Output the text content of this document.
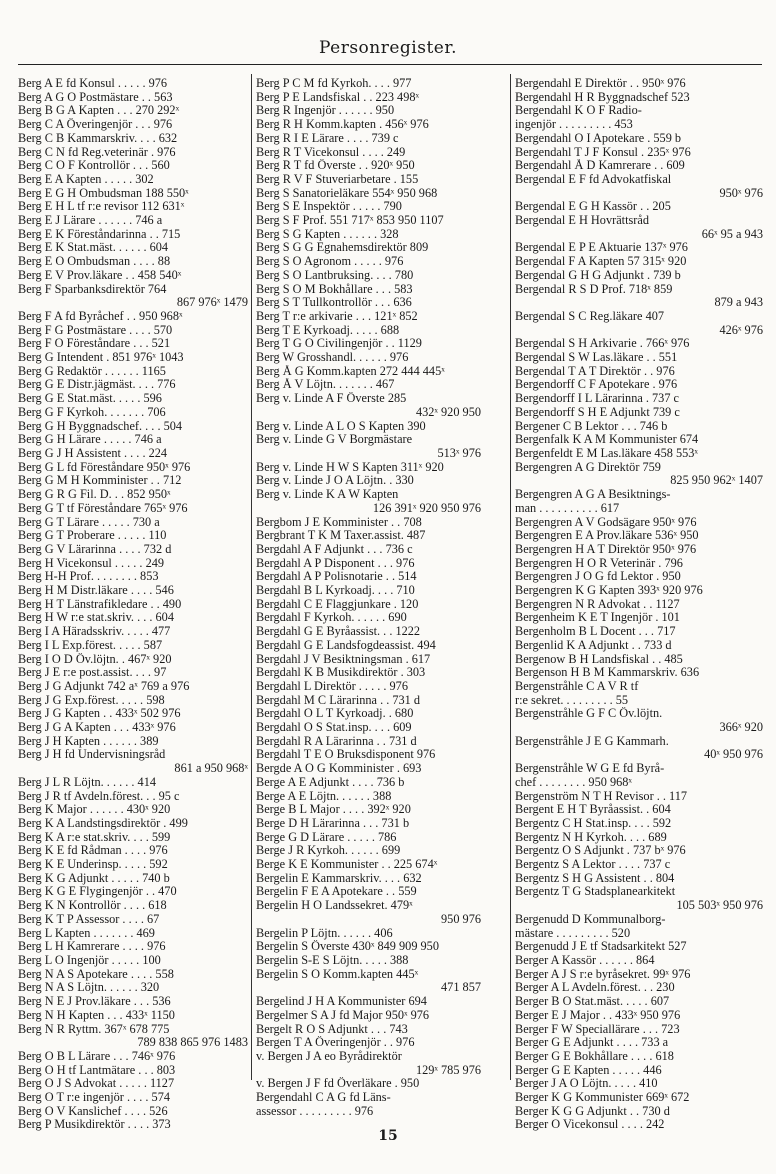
Personregister.
Berg A E fd Konsul . . . . . 976
Berg A G O Postmästare . . 563
Berg B G A Kapten . . . 270 292ˣ
Berg C A Överingenjör . . . 976
Berg C B Kammarskriv. . . . 632
Berg C N fd Reg.veterinär . 976
Berg C O F Kontrollör . . . 560
Berg E A Kapten . . . . . 302
Berg E G H Ombudsman 188 550ˣ
Berg E H L tf r:e revisor 112 631ˣ
Berg E J Lärare . . . . . . 746 a
Berg E K Föreståndarinna . . 715
Berg E K Stat.mäst. . . . . . 604
Berg E O Ombudsman . . . . 88
Berg E V Prov.läkare . . 458 540ˣ
Berg F Sparbanksdirektör 764
867 976ˣ 1479
Berg F A fd Byråchef . . 950 968ˣ
Berg F G Postmästare . . . . 570
Berg F O Föreståndare . . . 521
Berg G Intendent . 851 976ˣ 1043
Berg G Redaktör . . . . . . 1165
Berg G E Distr.jägmäst. . . . 776
Berg G E Stat.mäst. . . . . 596
Berg G F Kyrkoh. . . . . . . 706
Berg G H Byggnadschef. . . . 504
Berg G H Lärare . . . . . 746 a
Berg G J H Assistent . . . . 224
Berg G L fd Föreståndare 950ˣ 976
Berg G M H Komminister . . 712
Berg G R G Fil. D. . . 852 950ˣ
Berg G T tf Föreståndare 765ˣ 976
Berg G T Lärare . . . . . 730 a
Berg G T Proberare . . . . . 110
Berg G V Lärarinna . . . . 732 d
Berg H Vicekonsul . . . . . 249
Berg H-H Prof. . . . . . . . 853
Berg H M Distr.läkare . . . . 546
Berg H T Länstrafikledare . . 490
Berg H W r:e stat.skriv. . . . 604
Berg I A Häradsskriv. . . . . 477
Berg I L Exp.förest. . . . . 587
Berg I O D Öv.löjtn. . 467ˣ 920
Berg J E r:e post.assist. . . . 97
Berg J G Adjunkt 742 aˣ 769 a 976
Berg J G Exp.förest. . . . . 598
Berg J G Kapten . . 433ˣ 502 976
Berg J G A Kapten . . . 433ˣ 976
Berg J H Kapten . . . . . . 389
Berg J H fd Undervisningsråd
861 a 950 968ˣ
Berg J L R Löjtn. . . . . . 414
Berg J R tf Avdeln.förest. . . 95 c
Berg K Major . . . . . . 430ˣ 920
Berg K A Landstingsdirektör . 499
Berg K A r:e stat.skriv. . . . 599
Berg K E fd Rådman . . . . 976
Berg K E Underinsp. . . . . 592
Berg K G Adjunkt . . . . . 740 b
Berg K G E Flygingenjör . . 470
Berg K N Kontrollör . . . . 618
Berg K T P Assessor . . . . 67
Berg L Kapten . . . . . . . 469
Berg L H Kamrerare . . . . 976
Berg L O Ingenjör . . . . . 100
Berg N A S Apotekare . . . . 558
Berg N A S Löjtn. . . . . . 320
Berg N E J Prov.läkare . . . 536
Berg N H Kapten . . . 433ˣ 1150
Berg N R Ryttm. 367ˣ 678 775
789 838 865 976 1483
Berg O B L Lärare . . . 746ˣ 976
Berg O H tf Lantmätare . . . 803
Berg O J S Advokat . . . . . 1127
Berg O T r:e ingenjör . . . . 574
Berg O V Kanslichef . . . . 526
Berg P Musikdirektör . . . . 373
Berg P C M fd Kyrkoh. . . . 977
Berg P E Landsfiskal . . 223 498ˣ
Berg R Ingenjör . . . . . . 950
Berg R H Komm.kapten . 456ˣ 976
Berg R I E Lärare . . . . 739 c
Berg R T Vicekonsul . . . . 249
Berg R T fd Överste . . 920ˣ 950
Berg R V F Stuveriarbetare . 155
Berg S Sanatorieläkare 554ˣ 950 968
Berg S E Inspektör . . . . . 790
Berg S F Prof. 551 717ˣ 853 950 1107
Berg S G Kapten . . . . . . 328
Berg S G G Egnahemsdirektör 809
Berg S O Agronom . . . . . 976
Berg S O Lantbruksing. . . . 780
Berg S O M Bokhållare . . . 583
Berg S T Tullkontrollör . . . 636
Berg T r:e arkivarie . . . 121ˣ 852
Berg T E Kyrkoadj. . . . . 688
Berg T G O Civilingenjör . . 1129
Berg W Grosshandl. . . . . . 976
Berg Å G Komm.kapten 272 444 445ˣ
Berg Å V Löjtn. . . . . . . 467
Berg v. Linde A F Överste 285
432ˣ 920 950
Berg v. Linde A L O S Kapten 390
Berg v. Linde G V Borgmästare
513ˣ 976
Berg v. Linde H W S Kapten 311ˣ 920
Berg v. Linde J O A Löjtn. . 330
Berg v. Linde K A W Kapten
126 391ˣ 920 950 976
Bergbom J E Komminister . . 708
Bergbrant T K M Taxer.assist. 487
Bergdahl A F Adjunkt . . . 736 c
Bergdahl A P Disponent . . . 976
Bergdahl A P Polisnotarie . . 514
Bergdahl B L Kyrkoadj. . . . 710
Bergdahl C E Flaggjunkare . 120
Bergdahl F Kyrkoh. . . . . . 690
Bergdahl G E Byråassist. . . 1222
Bergdahl G E Landsfogdeassist. 494
Bergdahl J V Besiktningsman . 617
Bergdahl K B Musikdirektör . 303
Bergdahl L Direktör . . . . . 976
Bergdahl M C Lärarinna . . 731 d
Bergdahl O L T Kyrkoadj. . 680
Bergdahl O S Stat.insp. . . . 609
Bergdahl R A Lärarinna . . 731 d
Bergdahl T E O Bruksdisponent 976
Bergde A O G Komminister . 693
Berge A E Adjunkt . . . . 736 b
Berge A E Löjtn. . . . . . 388
Berge B L Major . . . . 392ˣ 920
Berge D H Lärarinna . . . 731 b
Berge G D Lärare . . . . . 786
Berge J R Kyrkoh. . . . . . 699
Berge K E Kommunister . . 225 674ˣ
Bergelin E Kammarskriv. . . . 632
Bergelin F E A Apotekare . . 559
Bergelin H O Landssekret. 479ˣ
950 976
Bergelin P Löjtn. . . . . . 406
Bergelin S Överste 430ˣ 849 909 950
Bergelin S-E S Löjtn. . . . . 388
Bergelin S O Komm.kapten 445ˣ
471 857
Bergelind J H A Kommunister 694
Bergelmer S A J fd Major 950ˣ 976
Bergelt R O S Adjunkt . . . 743
Bergen T A Överingenjör . . 976
v. Bergen J A eo Byrådirektör
129ˣ 785 976
v. Bergen J F fd Överläkare . 950
Bergendahl C A G fd Läns-
assessor . . . . . . . . . 976
Bergendahl E Direktör . . 950ˣ 976
Bergendahl H R Byggnadschef 523
Bergendahl K O F Radio-
ingenjör . . . . . . . . . 453
Bergendahl O I Apotekare . 559 b
Bergendahl T J F Konsul . 235ˣ 976
Bergendahl Å D Kamrerare . . 609
Bergendal E F fd Advokatfiskal
950ˣ 976
Bergendal E G H Kassör . . 205
Bergendal E H Hovrättsråd
66ˣ 95 a 943
Bergendal E P E Aktuarie 137ˣ 976
Bergendal F A Kapten 57 315ˣ 920
Bergendal G H G Adjunkt . 739 b
Bergendal R S D Prof. 718ˣ 859
879 a 943
Bergendal S C Reg.läkare 407
426ˣ 976
Bergendal S H Arkivarie . 766ˣ 976
Bergendal S W Las.läkare . . 551
Bergendal T A T Direktör . . 976
Bergendorff C F Apotekare . 976
Bergendorff I L Lärarinna . 737 c
Bergendorff S H E Adjunkt 739 c
Bergener C B Lektor . . . 746 b
Bergenfalk K A M Kommunister 674
Bergenfeldt E M Las.läkare 458 553ˣ
Bergengren A G Direktör 759
825 950 962ˣ 1407
Bergengren A G A Besiktnings-
man . . . . . . . . . . 617
Bergengren A V Godsägare 950ˣ 976
Bergengren E A Prov.läkare 536ˣ 950
Bergengren H A T Direktör 950ˣ 976
Bergengren H O R Veterinär . 796
Bergengren J O G fd Lektor . 950
Bergengren K G Kapten 393ˣ 920 976
Bergengren N R Advokat . . 1127
Bergenheim K E T Ingenjör . 101
Bergenholm B L Docent . . . 717
Bergenlid K A Adjunkt . . 733 d
Bergenow B H Landsfiskal . . 485
Bergenson H B M Kammarskriv. 636
Bergenstråhle C A V R tf
r:e sekret. . . . . . . . . 55
Bergenstråhle G F C Öv.löjtn.
366ˣ 920
Bergenstråhle J E G Kammarh.
40ˣ 950 976
Bergenstråhle W G E fd Byrå-
chef . . . . . . . . 950 968ˣ
Bergenström N T H Revisor . . 117
Bergent E H T Byråassist. . 604
Bergentz C H Stat.insp. . . . 592
Bergentz N H Kyrkoh. . . . 689
Bergentz O S Adjunkt . 737 bˣ 976
Bergentz S A Lektor . . . . 737 c
Bergentz S H G Assistent . . 804
Bergentz T G Stadsplanearkitekt
105 503ˣ 950 976
Bergenudd D Kommunalborg-
mästare . . . . . . . . . 520
Bergenudd J E tf Stadsarkitekt 527
Berger A Kassör . . . . . . 864
Berger A J S r:e byråsekret. 99ˣ 976
Berger A L Avdeln.förest. . . 230
Berger B O Stat.mäst. . . . . 607
Berger E J Major . . 433ˣ 950 976
Berger F W Speciallärare . . . 723
Berger G E Adjunkt . . . . 733 a
Berger G E Bokhållare . . . . 618
Berger G E Kapten . . . . . 446
Berger J A O Löjtn. . . . . 410
Berger K G Kommunister 669ˣ 672
Berger K G G Adjunkt . . 730 d
Berger O Vicekonsul . . . . 242
15
